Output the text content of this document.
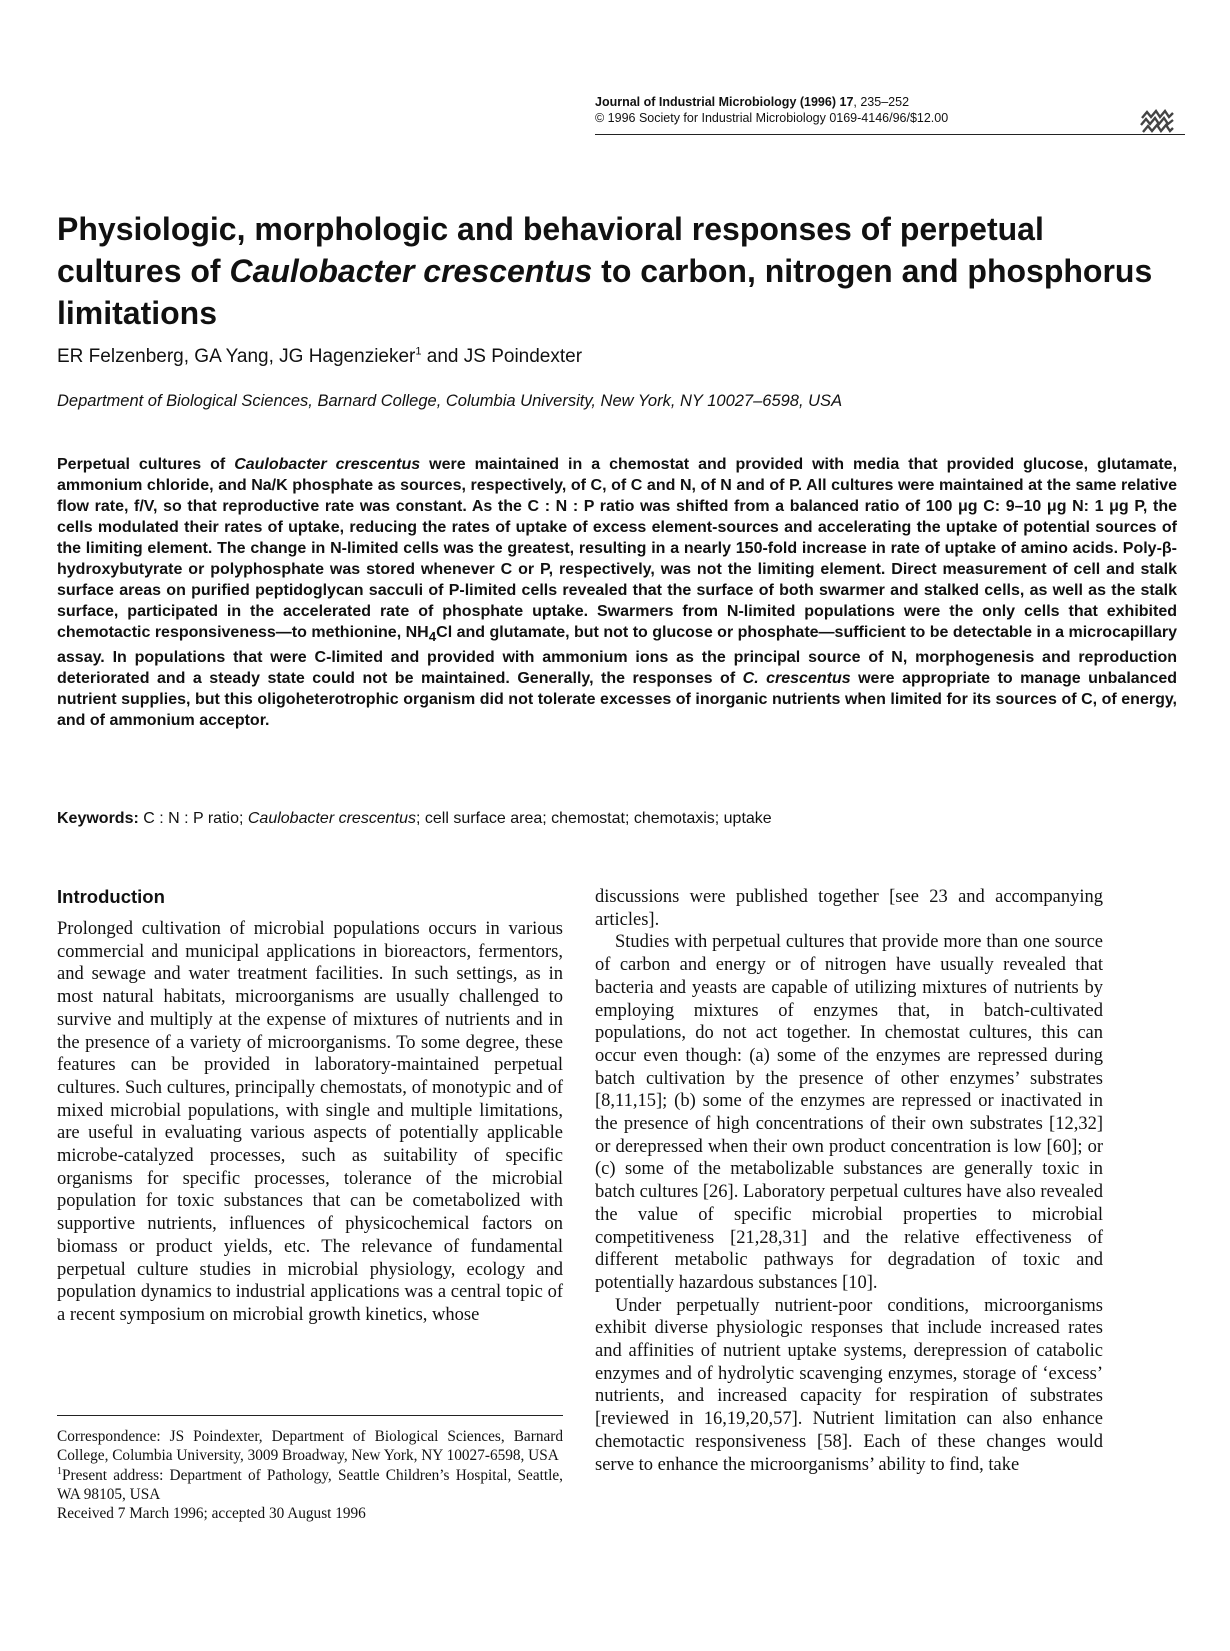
Journal of Industrial Microbiology (1996) 17, 235–252
© 1996 Society for Industrial Microbiology 0169-4146/96/$12.00
Physiologic, morphologic and behavioral responses of perpetual cultures of Caulobacter crescentus to carbon, nitrogen and phosphorus limitations
ER Felzenberg, GA Yang, JG Hagenzieker$^1$ and JS Poindexter
Department of Biological Sciences, Barnard College, Columbia University, New York, NY 10027–6598, USA
Perpetual cultures of Caulobacter crescentus were maintained in a chemostat and provided with media that provided glucose, glutamate, ammonium chloride, and Na/K phosphate as sources, respectively, of C, of C and N, of N and of P. All cultures were maintained at the same relative flow rate, f/V, so that reproductive rate was constant. As the C : N : P ratio was shifted from a balanced ratio of 100 μg C: 9–10 μg N: 1 μg P, the cells modulated their rates of uptake, reducing the rates of uptake of excess element-sources and accelerating the uptake of potential sources of the limiting element. The change in N-limited cells was the greatest, resulting in a nearly 150-fold increase in rate of uptake of amino acids. Poly-β-hydroxybutyrate or polyphosphate was stored whenever C or P, respectively, was not the limiting element. Direct measurement of cell and stalk surface areas on purified peptidoglycan sacculi of P-limited cells revealed that the surface of both swarmer and stalked cells, as well as the stalk surface, participated in the accelerated rate of phosphate uptake. Swarmers from N-limited populations were the only cells that exhibited chemotactic responsiveness—to methionine, $NH_4Cl$ and glutamate, but not to glucose or phosphate—sufficient to be detectable in a microcapillary assay. In populations that were C-limited and provided with ammonium ions as the principal source of N, morphogenesis and reproduction deteriorated and a steady state could not be maintained. Generally, the responses of C. crescentus were appropriate to manage unbalanced nutrient supplies, but this oligoheterotrophic organism did not tolerate excesses of inorganic nutrients when limited for its sources of C, of energy, and of ammonium acceptor.
Keywords: C : N : P ratio; Caulobacter crescentus; cell surface area; chemostat; chemotaxis; uptake
Introduction

Prolonged cultivation of microbial populations occurs in various commercial and municipal applications in bioreactors, fermentors, and sewage and water treatment facilities. In such settings, as in most natural habitats, microorganisms are usually challenged to survive and multiply at the expense of mixtures of nutrients and in the presence of a variety of microorganisms. To some degree, these features can be provided in laboratory-maintained perpetual cultures. Such cultures, principally chemostats, of monotypic and of mixed microbial populations, with single and multiple limitations, are useful in evaluating various aspects of potentially applicable microbe-catalyzed processes, such as suitability of specific organisms for specific processes, tolerance of the microbial population for toxic substances that can be cometabolized with supportive nutrients, influences of physicochemical factors on biomass or product yields, etc. The relevance of fundamental perpetual culture studies in microbial physiology, ecology and population dynamics to industrial applications was a central topic of a recent symposium on microbial growth kinetics, whose

discussions were published together [see 23 and accompanying articles].

Studies with perpetual cultures that provide more than one source of carbon and energy or of nitrogen have usually revealed that bacteria and yeasts are capable of utilizing mixtures of nutrients by employing mixtures of enzymes that, in batch-cultivated populations, do not act together. In chemostat cultures, this can occur even though: (a) some of the enzymes are repressed during batch cultivation by the presence of other enzymes’ substrates [8,11,15]; (b) some of the enzymes are repressed or inactivated in the presence of high concentrations of their own substrates [12,32] or derepressed when their own product concentration is low [60]; or (c) some of the metabolizable substances are generally toxic in batch cultures [26]. Laboratory perpetual cultures have also revealed the value of specific microbial properties to microbial competitiveness [21,28,31] and the relative effectiveness of different metabolic pathways for degradation of toxic and potentially hazardous substances [10].

Under perpetually nutrient-poor conditions, microorganisms exhibit diverse physiologic responses that include increased rates and affinities of nutrient uptake systems, derepression of catabolic enzymes and of hydrolytic scavenging enzymes, storage of ‘excess’ nutrients, and increased capacity for respiration of substrates [reviewed in 16,19,20,57]. Nutrient limitation can also enhance chemotactic responsiveness [58]. Each of these changes would serve to enhance the microorganisms’ ability to find, take

Correspondence: JS Poindexter, Department of Biological Sciences, Barnard College, Columbia University, 3009 Broadway, New York, NY 10027-6598, USA
$^1$Present address: Department of Pathology, Seattle Children’s Hospital, Seattle, WA 98105, USA
Received 7 March 1996; accepted 30 August 1996
